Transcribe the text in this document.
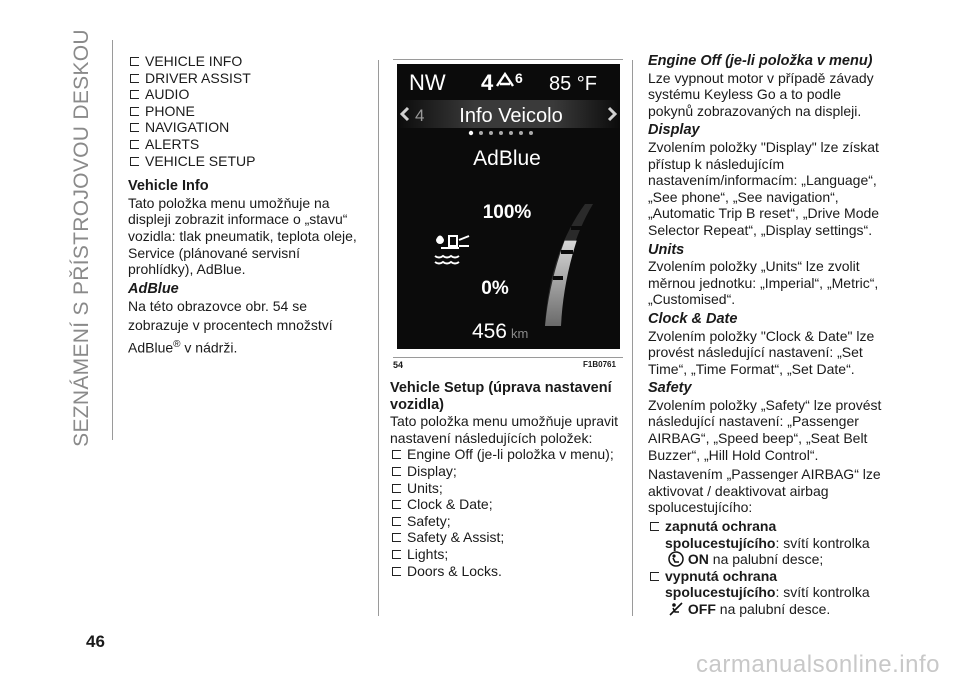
SEZNÁMENÍ S PŘÍSTROJOVOU DESKOU
46
VEHICLE INFO
DRIVER ASSIST
AUDIO
PHONE
NAVIGATION
ALERTS
VEHICLE SETUP
Vehicle Info

Tato položka menu umožňuje na displeji zobrazit informace o „stavu“ vozidla: tlak pneumatik, teplota oleje, Service (plánované servisní prohlídky), AdBlue.

AdBlue

Na této obrazovce obr. 54 se zobrazuje v procentech množství AdBlue® v nádrži.

NW 4 6 85 °F
4 Info Veicolo
AdBlue
100%
0%
456 km
54	F1B0761
Vehicle Setup (úprava nastavení vozidla)

Tato položka menu umožňuje upravit nastavení následujících položek:

Engine Off (je-li položka v menu);
Display;
Units;
Clock & Date;
Safety;
Safety & Assist;
Lights;
Doors & Locks.
Engine Off (je-li položka v menu)

Lze vypnout motor v případě závady systému Keyless Go a to podle pokynů zobrazovaných na displeji.

Display

Zvolením položky "Display" lze získat přístup k následujícím nastavením/informacím: „Language“, „See phone“, „See navigation“, „Automatic Trip B reset“, „Drive Mode Selector Repeat“, „Display settings“.

Units

Zvolením položky „Units“ lze zvolit měrnou jednotku: „Imperial“, „Metric“, „Customised“.

Clock & Date

Zvolením položky "Clock & Date" lze provést následující nastavení: „Set Time“, „Time Format“, „Set Date“.

Safety

Zvolením položky „Safety“ lze provést následující nastavení: „Passenger AIRBAG“, „Speed beep“, „Seat Belt Buzzer“, „Hill Hold Control“.

Nastavením „Passenger AIRBAG“ lze aktivovat / deaktivovat airbag spolucestujícího:

zapnutá ochrana spolucestujícího: svítí kontrolka ON na palubní desce;
vypnutá ochrana spolucestujícího: svítí kontrolka OFF na palubní desce.
carmanualsonline.info
